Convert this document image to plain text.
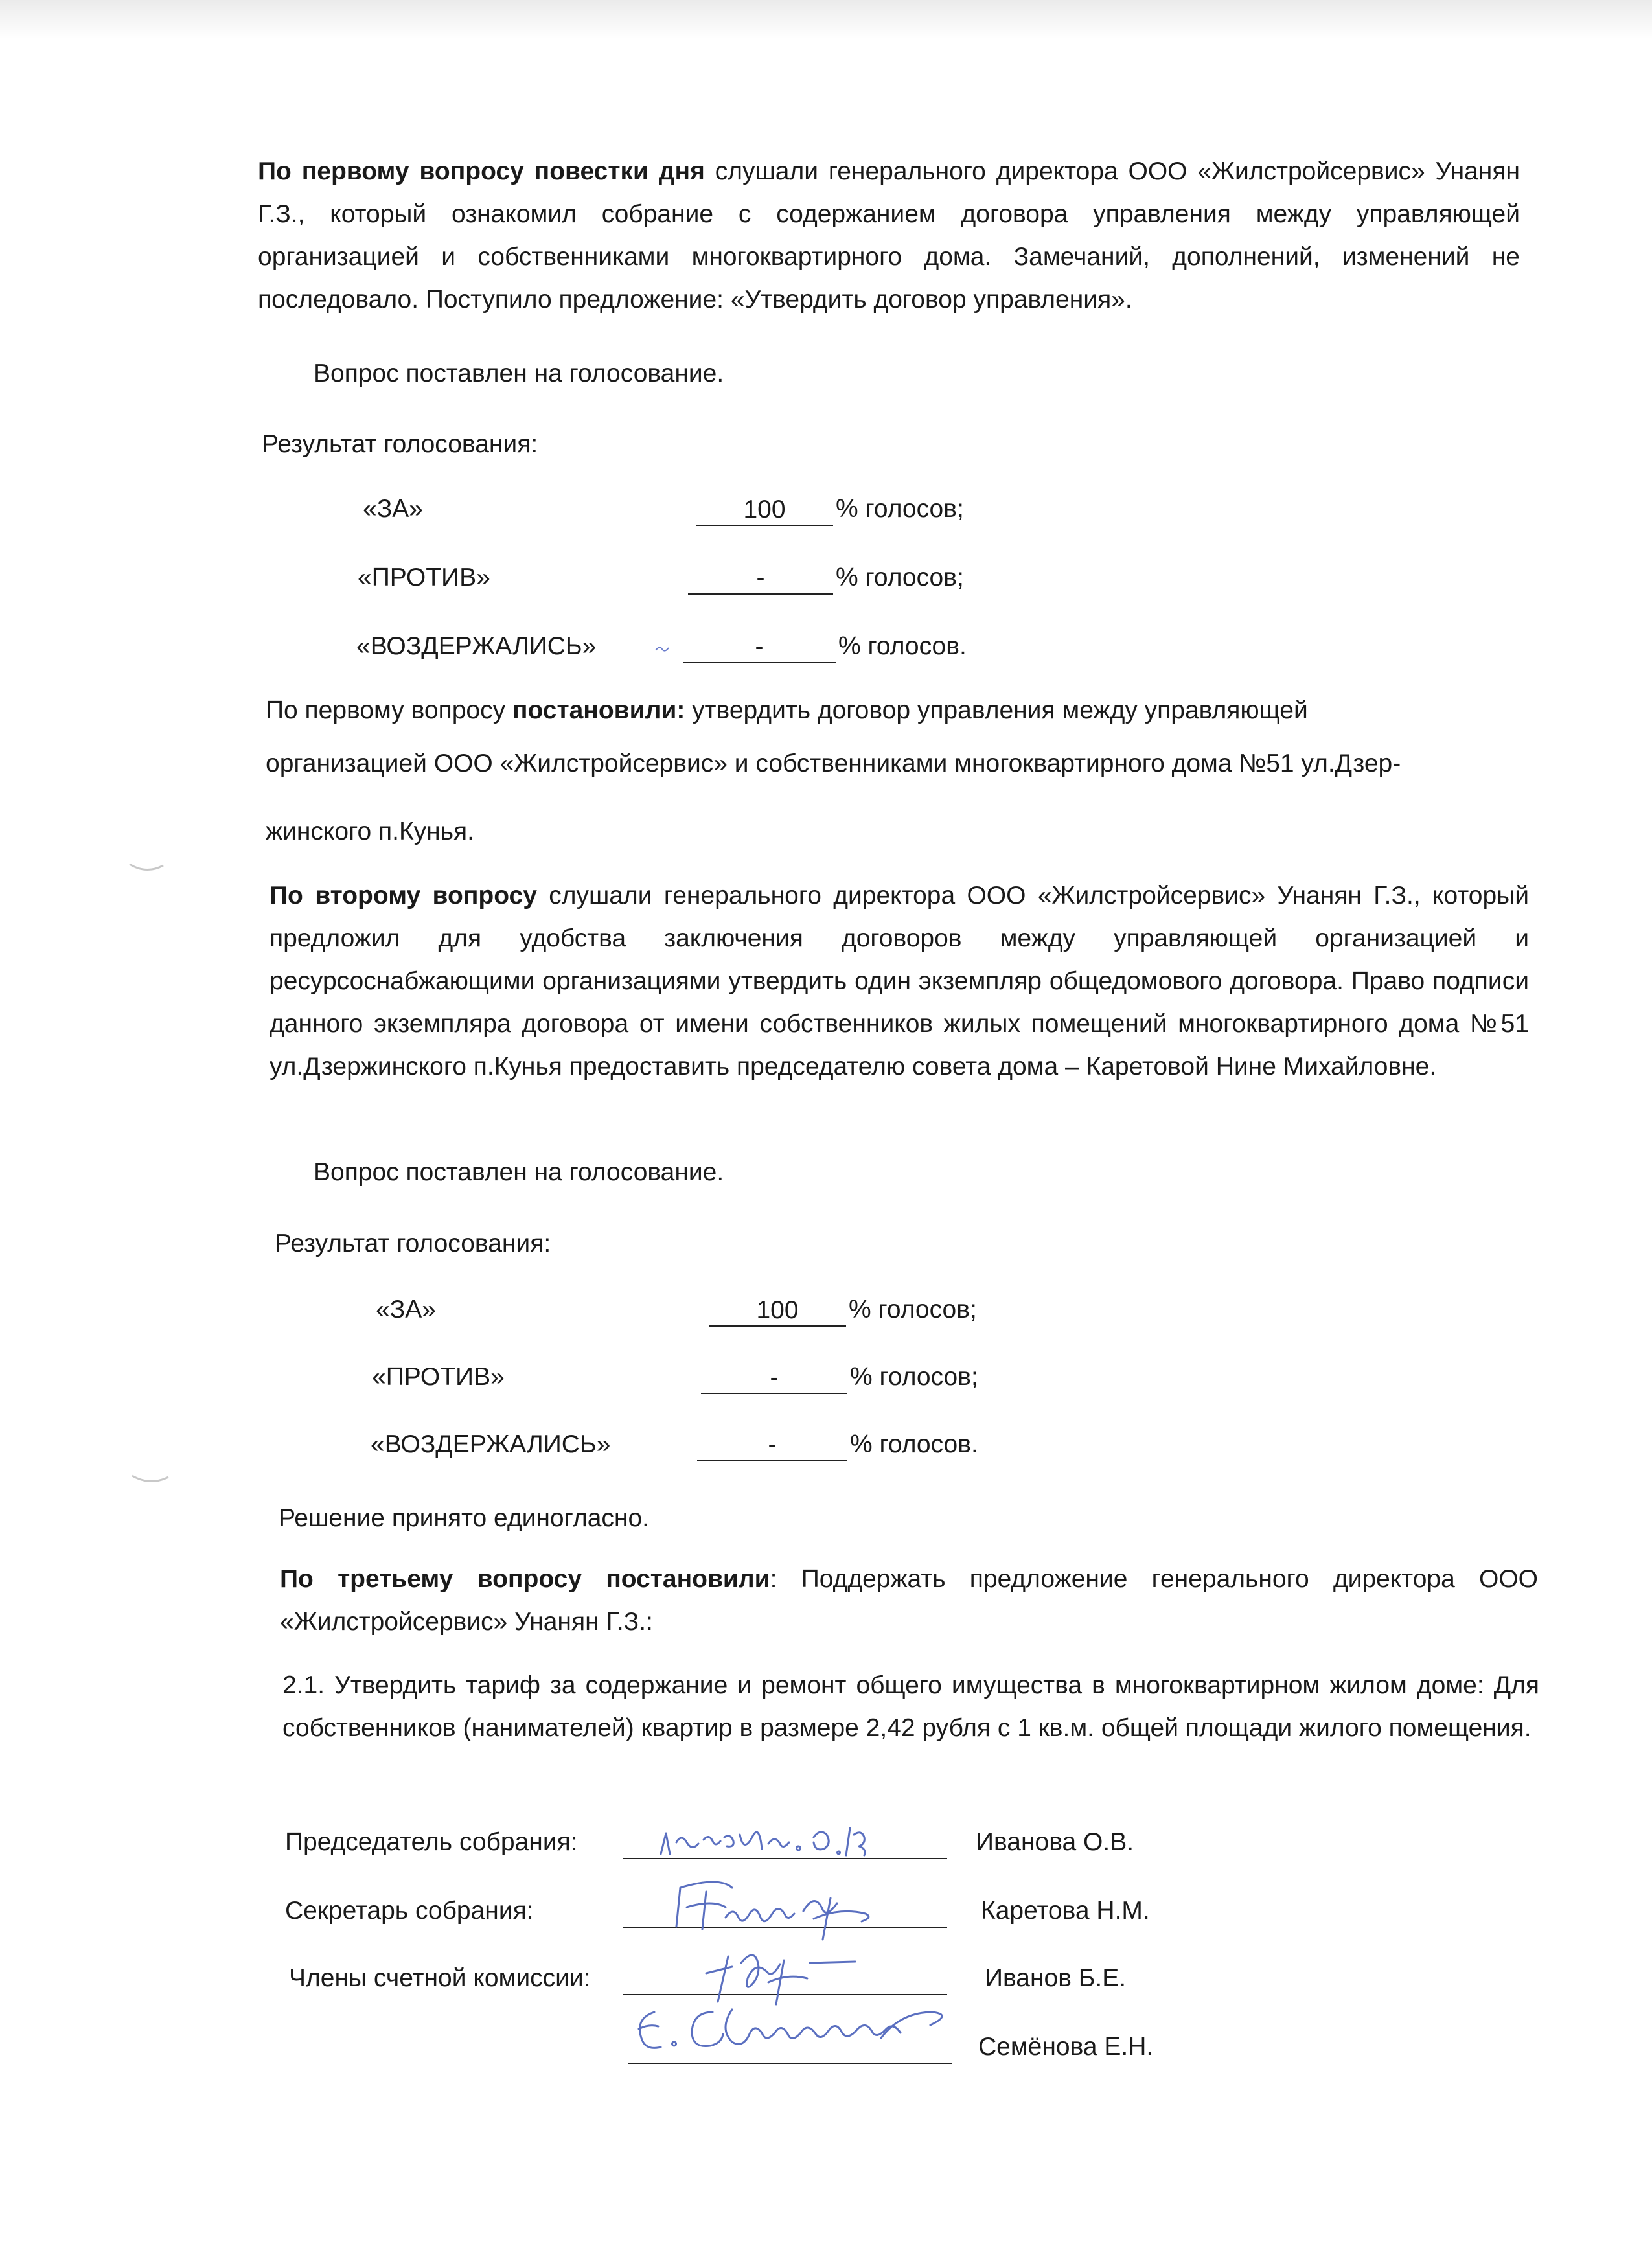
По первому вопросу повестки дня слушали генерального директора ООО «Жилстройсервис» Унанян Г.З., который ознакомил собрание с содержанием договора управления между управляющей организацией и собственниками многоквартирного дома. Замечаний, дополнений, изменений не последовало. Поступило предложение: «Утвердить договор управления».
Вопрос поставлен на голосование.
Результат голосования:
«ЗА»	100	% голосов;
«ПРОТИВ»	-	% голосов;
«ВОЗДЕРЖАЛИСЬ»	-	% голосов.
По первому вопросу постановили: утвердить договор управления между управляющей
организацией ООО «Жилстройсервис» и собственниками многоквартирного дома №51 ул.Дзер-
жинского п.Кунья.
По второму вопросу слушали генерального директора ООО «Жилстройсервис» Унанян Г.З., который предложил для удобства заключения договоров между управляющей организацией и ресурсоснабжающими организациями утвердить один экземпляр общедомового договора. Право подписи данного экземпляра договора от имени собственников жилых помещений многоквартирного дома №51 ул.Дзержинского п.Кунья предоставить председателю совета дома – Каретовой Нине Михайловне.
Вопрос поставлен на голосование.
Результат голосования:
«ЗА»	100	% голосов;
«ПРОТИВ»	-	% голосов;
«ВОЗДЕРЖАЛИСЬ»	-	% голосов.
Решение принято единогласно.
По третьему вопросу постановили: Поддержать предложение генерального директора ООО «Жилстройсервис» Унанян Г.З.:
2.1. Утвердить тариф за содержание и ремонт общего имущества в многоквартирном жилом доме: Для собственников (нанимателей) квартир в размере 2,42 рубля с 1 кв.м. общей площади жилого помещения.
Председатель собрания:	Иванова О.В.
Секретарь собрания:	Каретова Н.М.
Члены счетной комиссии:	Иванов Б.Е.
Семёнова Е.Н.
